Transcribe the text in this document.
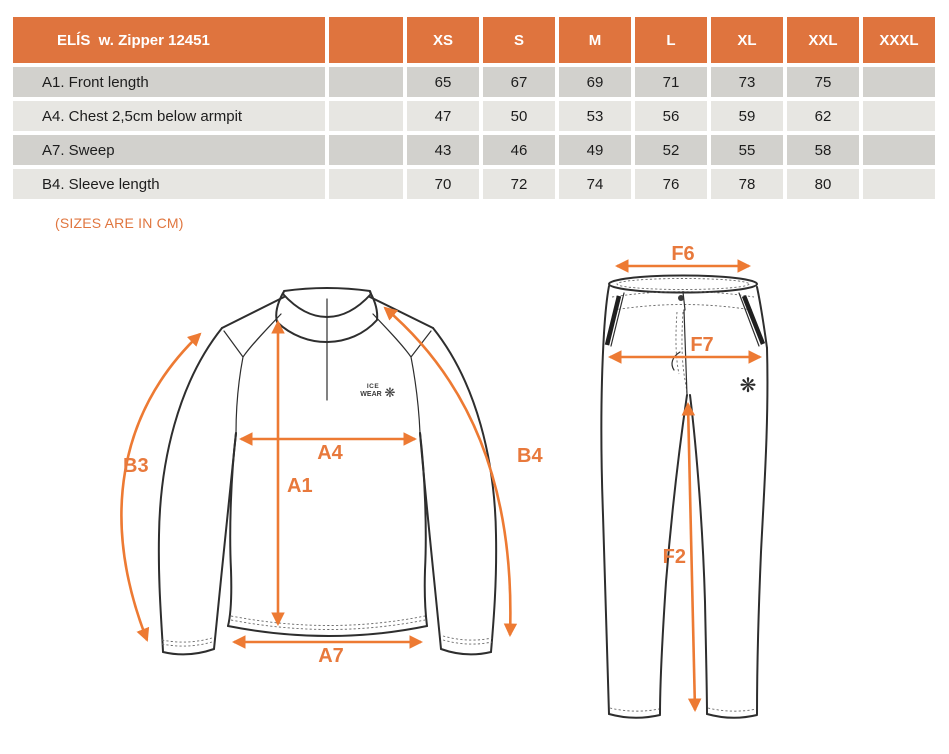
ELÍS  w. Zipper 12451	XS	S	M	L	XL	XXL	XXXL
A1. Front length	65	67	69	71	73	75
A4. Chest 2,5cm below armpit	47	50	53	56	59	62
A7. Sweep	43	46	49	52	55	58
B4. Sleeve length	70	72	74	76	78	80
(SIZES ARE IN CM)
ICE
WEAR ❋
A4
A1
A7
B3	B4
❋
F6
F7
F2
